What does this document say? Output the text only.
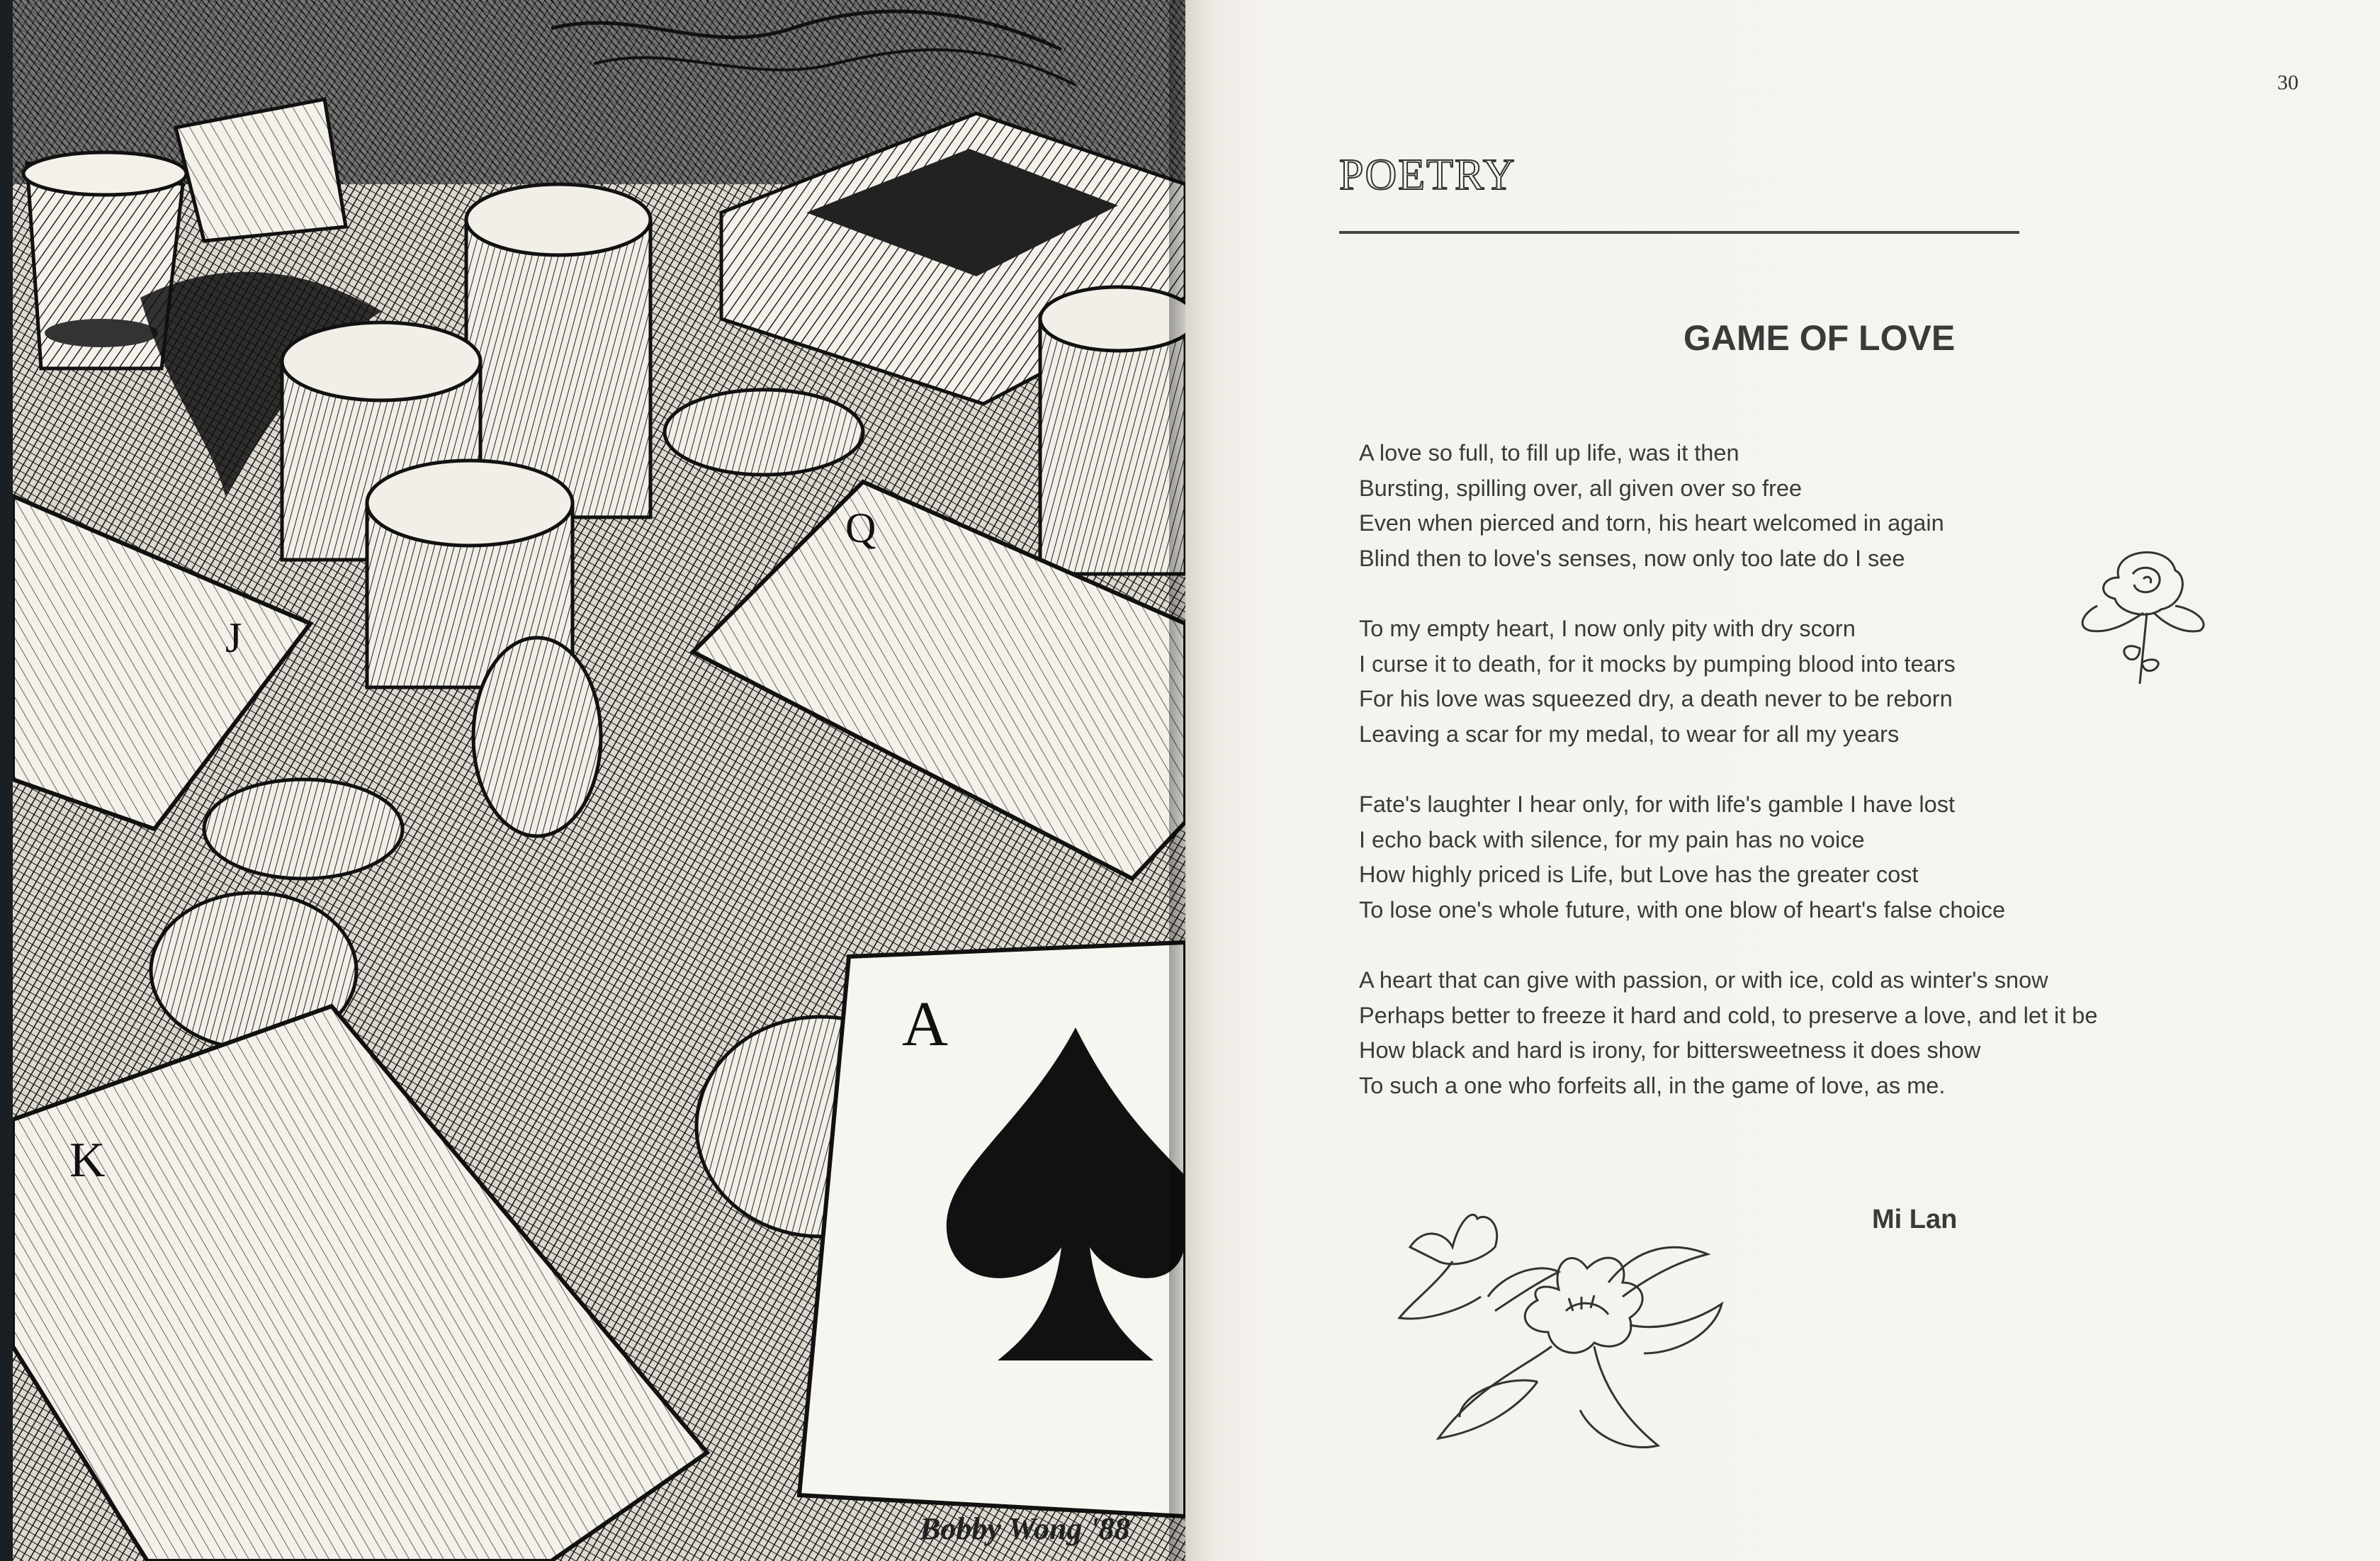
J
Q
K
A
Bobby Wong '88
30
POETRY
GAME OF LOVE
A love so full, to fill up life, was it then
Bursting, spilling over, all given over so free
Even when pierced and torn, his heart welcomed in again
Blind then to love's senses, now only too late do I see
To my empty heart, I now only pity with dry scorn
I curse it to death, for it mocks by pumping blood into tears
For his love was squeezed dry, a death never to be reborn
Leaving a scar for my medal, to wear for all my years
Fate's laughter I hear only, for with life's gamble I have lost
I echo back with silence, for my pain has no voice
How highly priced is Life, but Love has the greater cost
To lose one's whole future, with one blow of heart's false choice
A heart that can give with passion, or with ice, cold as winter's snow
Perhaps better to freeze it hard and cold, to preserve a love, and let it be
How black and hard is irony, for bittersweetness it does show
To such a one who forfeits all, in the game of love, as me.
Mi Lan
